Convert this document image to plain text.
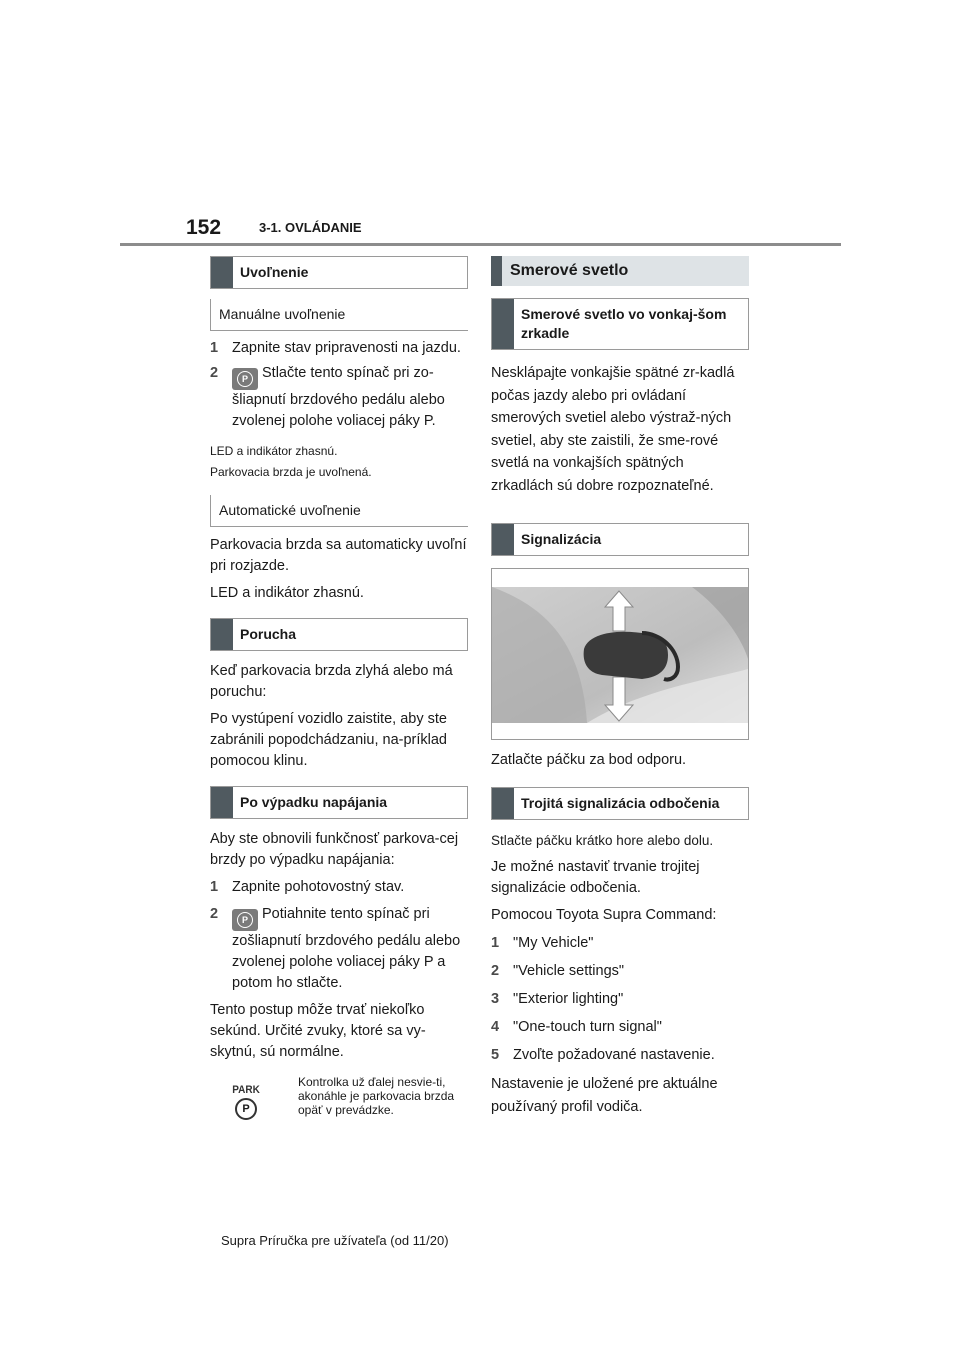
152	3-1. OVLÁDANIE
Uvoľnenie
Manuálne uvoľnenie
1 Zapnite stav pripravenosti na jazdu.
2	P Stlačte tento spínač pri zo-šliapnutí brzdového pedálu alebo zvolenej polohe voliacej páky P.

LED a indikátor zhasnú.

Parkovacia brzda je uvoľnená.

Automatické uvoľnenie

Parkovacia brzda sa automaticky uvoľní pri rozjazde.

LED a indikátor zhasnú.

Porucha

Keď parkovacia brzda zlyhá alebo má poruchu:

Po vystúpení vozidlo zaistite, aby ste zabránili popodchádzaniu, na-príklad pomocou klinu.

Po výpadku napájania

Aby ste obnovili funkčnosť parkova-cej brzdy po výpadku napájania:

1 Zapnite pohotovostný stav.
2	P Potiahnite tento spínač pri zošliapnutí brzdového pedálu alebo zvolenej polohe voliacej páky P a potom ho stlačte.

Tento postup môže trvať niekoľko sekúnd. Určité zvuky, ktoré sa vy-skytnú, sú normálne.

PARK
P
Kontrolka už ďalej nesvie-ti, akonáhle je parkovacia brzda opäť v prevádzke.
Smerové svetlo
Smerové svetlo vo vonkaj-šom zrkadle

Nesklápajte vonkajšie spätné zr-kadlá počas jazdy alebo pri ovládaní smerových svetiel alebo výstraž-ných svetiel, aby ste zaistili, že sme-rové svetlá na vonkajších spätných zrkadlách sú dobre rozpoznateľné.

Signalizácia

Zatlačte páčku za bod odporu.

Trojitá signalizácia odbočenia

Stlačte páčku krátko hore alebo dolu.

Je možné nastaviť trvanie trojitej signalizácie odbočenia.

Pomocou Toyota Supra Command:

1 "My Vehicle"
2 "Vehicle settings"
3 "Exterior lighting"
4 "One-touch turn signal"
5 Zvoľte požadované nastavenie.

Nastavenie je uložené pre aktuálne používaný profil vodiča.

Supra Príručka pre užívateľa (od 11/20)
